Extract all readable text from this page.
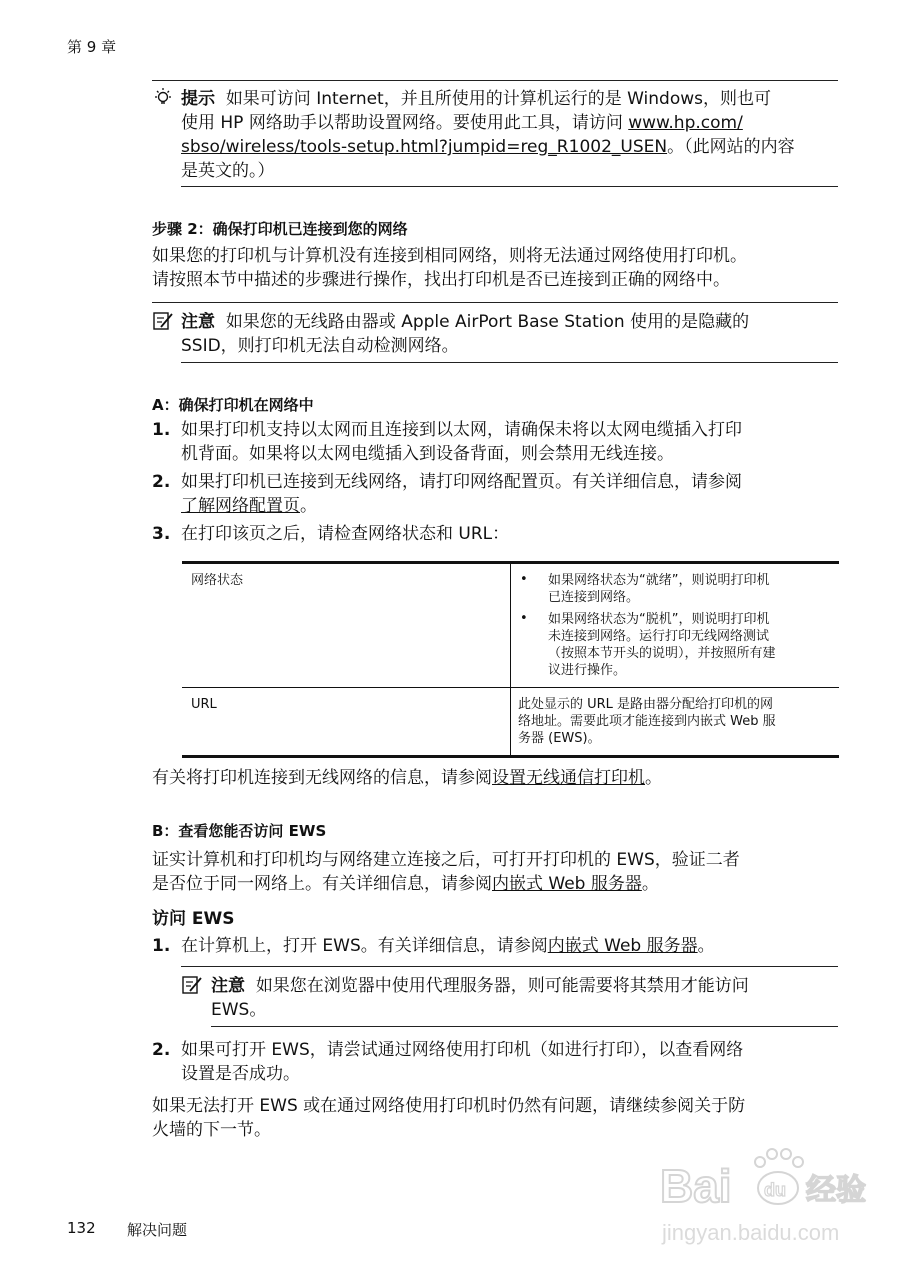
第 9 章
提示 如果可访问 Internet，并且所使用的计算机运行的是 Windows，则也可
使用 HP 网络助手以帮助设置网络。要使用此工具，请访问 www.hp.com/
sbso/wireless/tools-setup.html?jumpid=reg_R1002_USEN。（此网站的内容
是英文的。）
步骤 2：确保打印机已连接到您的网络
如果您的打印机与计算机没有连接到相同网络，则将无法通过网络使用打印机。
请按照本节中描述的步骤进行操作，找出打印机是否已连接到正确的网络中。
注意 如果您的无线路由器或 Apple AirPort Base Station 使用的是隐藏的
SSID，则打印机无法自动检测网络。
A：确保打印机在网络中
1. 如果打印机支持以太网而且连接到以太网，请确保未将以太网电缆插入打印
机背面。如果将以太网电缆插入到设备背面，则会禁用无线连接。
2. 如果打印机已连接到无线网络，请打印网络配置页。有关详细信息，请参阅
了解网络配置页。
3. 在打印该页之后，请检查网络状态和 URL：
网络状态	• 如果网络状态为“就绪”，则说明打印机
已连接到网络。
• 如果网络状态为“脱机”，则说明打印机
未连接到网络。运行打印无线网络测试
（按照本节开头的说明），并按照所有建
议进行操作。
URL	此处显示的 URL 是路由器分配给打印机的网
络地址。需要此项才能连接到内嵌式 Web 服
务器 (EWS)。
有关将打印机连接到无线网络的信息，请参阅设置无线通信打印机。
B：查看您能否访问 EWS
证实计算机和打印机均与网络建立连接之后，可打开打印机的 EWS，验证二者
是否位于同一网络上。有关详细信息，请参阅内嵌式 Web 服务器。
访问 EWS
1. 在计算机上，打开 EWS。有关详细信息，请参阅内嵌式 Web 服务器。
注意 如果您在浏览器中使用代理服务器，则可能需要将其禁用才能访问
EWS。
2. 如果可打开 EWS，请尝试通过网络使用打印机（如进行打印），以查看网络
设置是否成功。
如果无法打开 EWS 或在通过网络使用打印机时仍然有问题，请继续参阅关于防
火墙的下一节。
Bai du 经验
jingyan.baidu.com
132 解决问题
